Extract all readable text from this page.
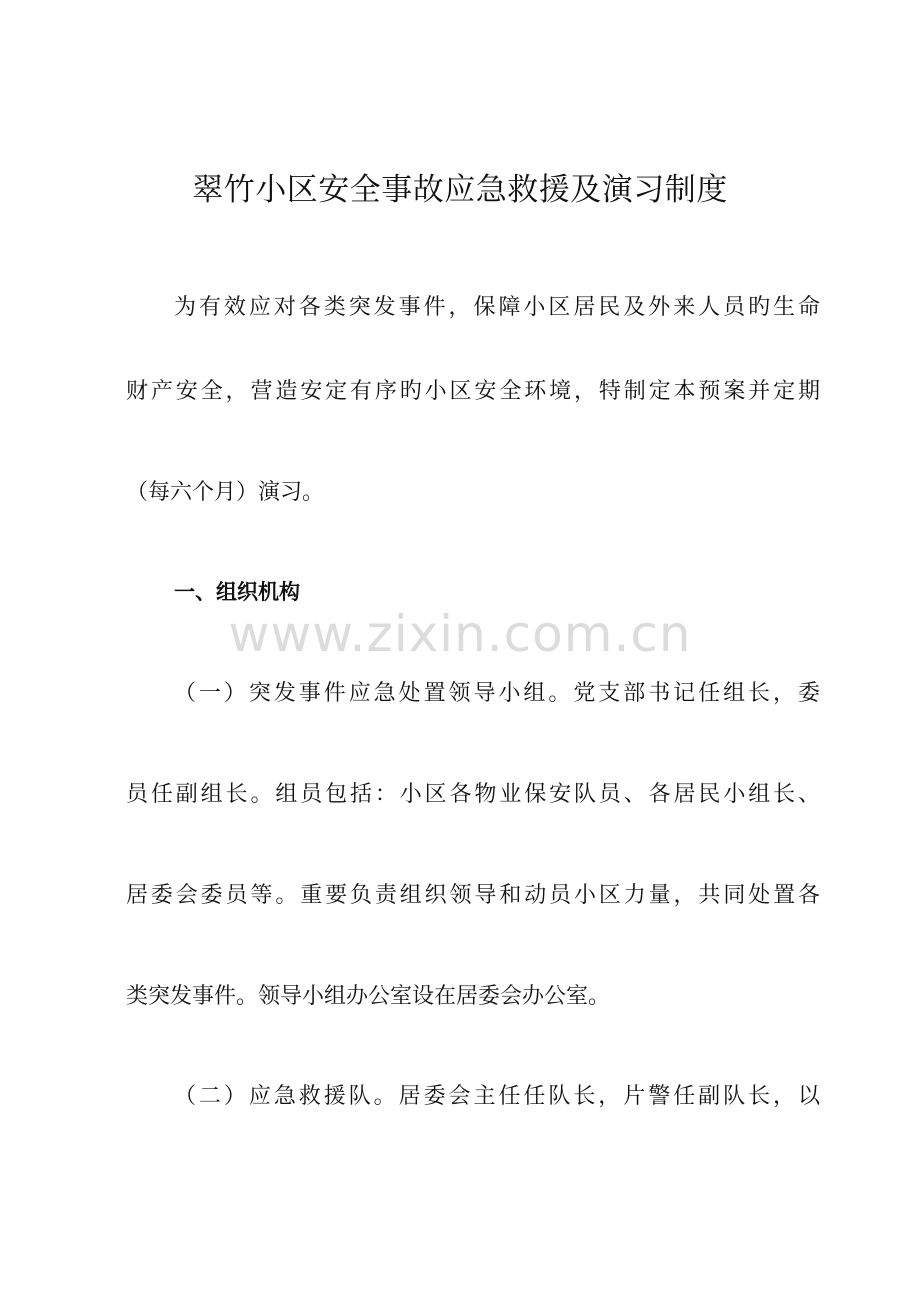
www.zixin.com.cn
翠竹小区安全事故应急救援及演习制度
为有效应对各类突发事件，保障小区居民及外来人员旳生命
财产安全，营造安定有序旳小区安全环境，特制定本预案并定期
（每六个月）演习。
一、组织机构
（一）突发事件应急处置领导小组。党支部书记任组长，委
员任副组长。组员包括：小区各物业保安队员、各居民小组长、
居委会委员等。重要负责组织领导和动员小区力量，共同处置各
类突发事件。领导小组办公室设在居委会办公室。
（二）应急救援队。居委会主任任队长，片警任副队长，以
